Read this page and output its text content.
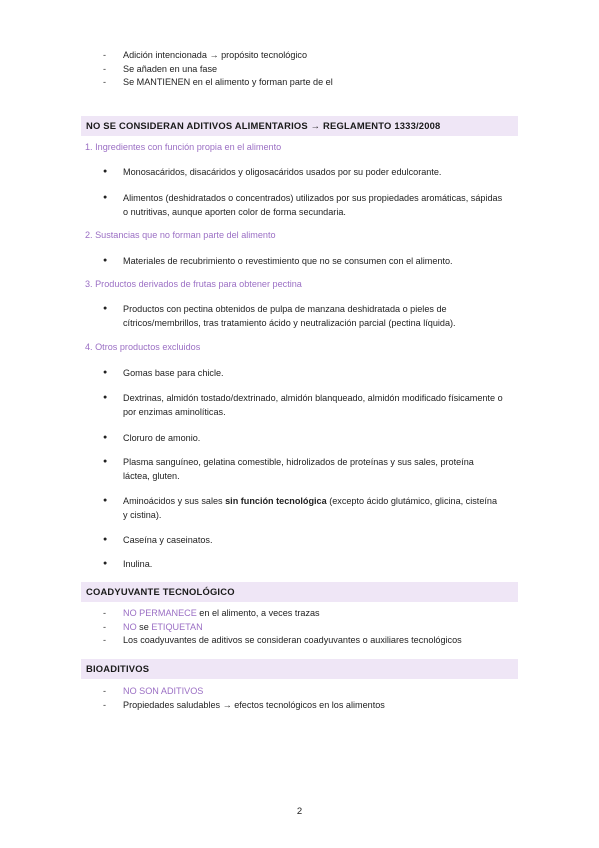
- Adición intencionada → propósito tecnológico
- Se añaden en una fase
- Se MANTIENEN en el alimento y forman parte de el
NO SE CONSIDERAN ADITIVOS ALIMENTARIOS → REGLAMENTO 1333/2008
1. Ingredientes con función propia en el alimento
● Monosacáridos, disacáridos y oligosacáridos usados por su poder edulcorante.
● Alimentos (deshidratados o concentrados) utilizados por sus propiedades aromáticas, sápidas o nutritivas, aunque aporten color de forma secundaria.
2. Sustancias que no forman parte del alimento
● Materiales de recubrimiento o revestimiento que no se consumen con el alimento.
3. Productos derivados de frutas para obtener pectina
● Productos con pectina obtenidos de pulpa de manzana deshidratada o pieles de cítricos/membrillos, tras tratamiento ácido y neutralización parcial (pectina líquida).
4. Otros productos excluidos
● Gomas base para chicle.
● Dextrinas, almidón tostado/dextrinado, almidón blanqueado, almidón modificado físicamente o por enzimas aminolíticas.
● Cloruro de amonio.
● Plasma sanguíneo, gelatina comestible, hidrolizados de proteínas y sus sales, proteína láctea, gluten.
● Aminoácidos y sus sales sin función tecnológica (excepto ácido glutámico, glicina, cisteína y cistina).
● Caseína y caseinatos.
● Inulina.
COADYUVANTE TECNOLÓGICO
- NO PERMANECE en el alimento, a veces trazas
- NO se ETIQUETAN
- Los coadyuvantes de aditivos se consideran coadyuvantes o auxiliares tecnológicos
BIOADITIVOS
- NO SON ADITIVOS
- Propiedades saludables → efectos tecnológicos en los alimentos
2
